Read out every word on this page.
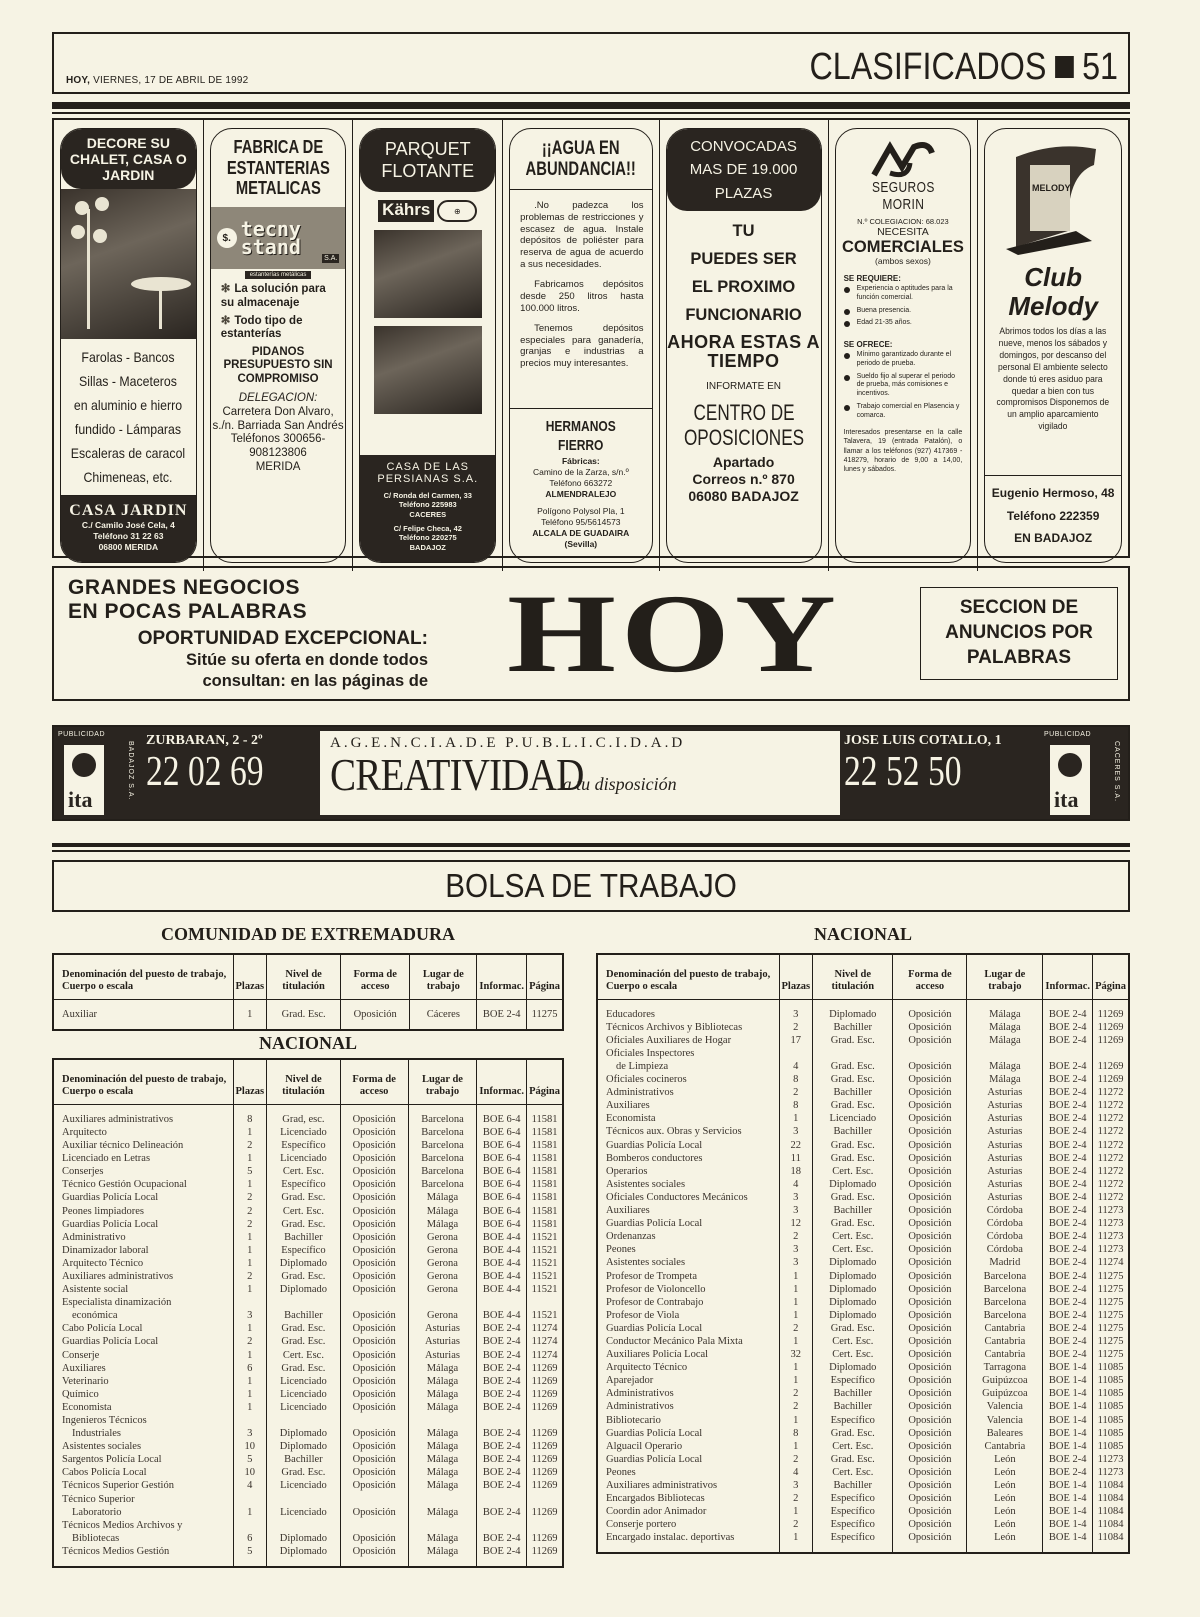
HOY, VIERNES, 17 DE ABRIL DE 1992	CLASIFICADOS 51
DECORE SU CHALET, CASA O JARDIN
Farolas - Bancos
Sillas - Maceteros
en aluminio e hierro
fundido - Lámparas
Escaleras de caracol
Chimeneas, etc.
CASA JARDIN
C./ Camilo José Cela, 4
Teléfono 31 22 63
06800 MERIDA
FABRICA DE ESTANTERIAS METALICAS
$. tecny
stand	S.A.
estanterías metálicas
✻ La solución para su almacenaje
✻ Todo tipo de estanterías
PIDANOS PRESUPUESTO SIN COMPROMISO
DELEGACION:
Carretera Don Alvaro, s./n. Barriada San Andrés
Teléfonos 300656- 908123806
MERIDA
PARQUET FLOTANTE
Kährs	⊕
CASA DE LAS PERSIANAS S.A.
C/ Ronda del Carmen, 33
Teléfono 225983
CACERES
C/ Felipe Checa, 42
Teléfono 220275
BADAJOZ
¡¡AGUA EN ABUNDANCIA!!

.No padezca los problemas de restricciones y escasez de agua. Instale depósitos de poliéster para reserva de agua de acuerdo a sus necesidades.

Fabricamos depósitos desde 250 litros hasta 100.000 litros.

Tenemos depósitos especiales para ganadería, granjas e industrias a precios muy interesantes.

HERMANOS FIERRO
Fábricas:
Camino de la Zarza, s/n.º
Teléfono 663272
ALMENDRALEJO
Polígono Polysol Pla, 1
Teléfono 95/5614573
ALCALA DE GUADAIRA
(Sevilla)
CONVOCADAS MAS DE 19.000 PLAZAS
TU
PUEDES SER
EL PROXIMO
FUNCIONARIO
AHORA ESTAS A TIEMPO
INFORMATE EN
CENTRO DE OPOSICIONES
Apartado
Correos n.º 870
06080 BADAJOZ
SEGUROS MORIN
N.º COLEGIACION: 68.023
NECESITA
COMERCIALES
(ambos sexos)
SE REQUIERE:
Experiencia o aptitudes para la función comercial.
Buena presencia.
Edad 21-35 años.
SE OFRECE:
Mínimo garantizado durante el periodo de prueba.
Sueldo fijo al superar el periodo de prueba, más comisiones e incentivos.
Trabajo comercial en Plasencia y comarca.
Interesados presentarse en la calle Talavera, 19 (entrada Patalón), o llamar a los teléfonos (927) 417369 - 418279, horario de 9,00 a 14,00, lunes y sábados.
MELODY
Club Melody
Abrimos todos los días a las nueve, menos los sábados y domingos, por descanso del personal El ambiente selecto donde tú eres asiduo para quedar a bien con tus compromisos Disponemos de un amplio aparcamiento vigilado
Eugenio Hermoso, 48
Teléfono 222359
EN BADAJOZ
GRANDES NEGOCIOS
EN POCAS PALABRAS
OPORTUNIDAD EXCEPCIONAL:
Sitúe su oferta en donde todos
consultan: en las páginas de HOY	SECCION DE ANUNCIOS POR PALABRAS
PUBLICIDAD
ita	BADAJOZ S.A.
ZURBARAN, 2 - 2º
22 02 69
A.G.E.N.C.I.A.D.E P.U.B.L.I.C.I.D.A.D
CREATIVIDAD a tu disposición
JOSE LUIS COTALLO, 1
22 52 50
PUBLICIDAD
ita	CACERES S.A.
BOLSA DE TRABAJO
COMUNIDAD DE EXTREMADURA
Denominación del puesto de trabajo, Cuerpo o escala	Plazas	Nivel de titulación	Forma de acceso	Lugar de trabajo	Informac.	Página
Auxiliar	1	Grad. Esc.	Oposición	Cáceres	BOE 2-4	11275
NACIONAL
Denominación del puesto de trabajo, Cuerpo o escala	Plazas	Nivel de titulación	Forma de acceso	Lugar de trabajo	Informac.	Página
Auxiliares administrativos	8	Grad, esc.	Oposición	Barcelona	BOE 6-4	11581
Arquitecto	1	Licenciado	Oposición	Barcelona	BOE 6-4	11581
Auxiliar técnico Delineación	2	Específico	Oposición	Barcelona	BOE 6-4	11581
Licenciado en Letras	1	Licenciado	Oposición	Barcelona	BOE 6-4	11581
Conserjes	5	Cert. Esc.	Oposición	Barcelona	BOE 6-4	11581
Técnico Gestión Ocupacional	1	Específico	Oposición	Barcelona	BOE 6-4	11581
Guardias Policía Local	2	Grad. Esc.	Oposición	Málaga	BOE 6-4	11581
Peones limpiadores	2	Cert. Esc.	Oposición	Málaga	BOE 6-4	11581
Guardias Policía Local	2	Grad. Esc.	Oposición	Málaga	BOE 6-4	11581
Administrativo	1	Bachiller	Oposición	Gerona	BOE 4-4	11521
Dinamizador laboral	1	Específico	Oposición	Gerona	BOE 4-4	11521
Arquitecto Técnico	1	Diplomado	Oposición	Gerona	BOE 4-4	11521
Auxiliares administrativos	2	Grad. Esc.	Oposición	Gerona	BOE 4-4	11521
Asistente social	1	Diplomado	Oposición	Gerona	BOE 4-4	11521
Especialista dinamización						
económica	3	Bachiller	Oposición	Gerona	BOE 4-4	11521
Cabo Policía Local	1	Grad. Esc.	Oposición	Asturias	BOE 2-4	11274
Guardias Policía Local	2	Grad. Esc.	Oposición	Asturias	BOE 2-4	11274
Conserje	1	Cert. Esc.	Oposición	Asturias	BOE 2-4	11274
Auxiliares	6	Grad. Esc.	Oposición	Málaga	BOE 2-4	11269
Veterinario	1	Licenciado	Oposición	Málaga	BOE 2-4	11269
Químico	1	Licenciado	Oposición	Málaga	BOE 2-4	11269
Economista	1	Licenciado	Oposición	Málaga	BOE 2-4	11269
Ingenieros Técnicos						
Industriales	3	Diplomado	Oposición	Málaga	BOE 2-4	11269
Asistentes sociales	10	Diplomado	Oposición	Málaga	BOE 2-4	11269
Sargentos Policía Local	5	Bachiller	Oposición	Málaga	BOE 2-4	11269
Cabos Policía Local	10	Grad. Esc.	Oposición	Málaga	BOE 2-4	11269
Técnicos Superior Gestión	4	Licenciado	Oposición	Málaga	BOE 2-4	11269
Técnico Superior						
Laboratorio	1	Licenciado	Oposición	Málaga	BOE 2-4	11269
Técnicos Medios Archivos y						
Bibliotecas	6	Diplomado	Oposición	Málaga	BOE 2-4	11269
Técnicos Medios Gestión	5	Diplomado	Oposición	Málaga	BOE 2-4	11269
NACIONAL
Denominación del puesto de trabajo, Cuerpo o escala	Plazas	Nivel de titulación	Forma de acceso	Lugar de trabajo	Informac.	Página
Educadores	3	Diplomado	Oposición	Málaga	BOE 2-4	11269
Técnicos Archivos y Bibliotecas	2	Bachiller	Oposición	Málaga	BOE 2-4	11269
Oficiales Auxiliares de Hogar	17	Grad. Esc.	Oposición	Málaga	BOE 2-4	11269
Oficiales Inspectores						
de Limpieza	4	Grad. Esc.	Oposición	Málaga	BOE 2-4	11269
Oficiales cocineros	8	Grad. Esc.	Oposición	Málaga	BOE 2-4	11269
Administrativos	2	Bachiller	Oposición	Asturias	BOE 2-4	11272
Auxiliares	8	Grad. Esc.	Oposición	Asturias	BOE 2-4	11272
Economista	1	Licenciado	Oposición	Asturias	BOE 2-4	11272
Técnicos aux. Obras y Servicios	3	Bachiller	Oposición	Asturias	BOE 2-4	11272
Guardias Policía Local	22	Grad. Esc.	Oposición	Asturias	BOE 2-4	11272
Bomberos conductores	11	Grad. Esc.	Oposición	Asturias	BOE 2-4	11272
Operarios	18	Cert. Esc.	Oposición	Asturias	BOE 2-4	11272
Asistentes sociales	4	Diplomado	Oposición	Asturias	BOE 2-4	11272
Oficiales Conductores Mecánicos	3	Grad. Esc.	Oposición	Asturias	BOE 2-4	11272
Auxiliares	3	Bachiller	Oposición	Córdoba	BOE 2-4	11273
Guardias Policía Local	12	Grad. Esc.	Oposición	Córdoba	BOE 2-4	11273
Ordenanzas	2	Cert. Esc.	Oposición	Córdoba	BOE 2-4	11273
Peones	3	Cert. Esc.	Oposición	Córdoba	BOE 2-4	11273
Asistentes sociales	3	Diplomado	Oposición	Madrid	BOE 2-4	11274
Profesor de Trompeta	1	Diplomado	Oposición	Barcelona	BOE 2-4	11275
Profesor de Violoncello	1	Diplomado	Oposición	Barcelona	BOE 2-4	11275
Profesor de Contrabajo	1	Diplomado	Oposición	Barcelona	BOE 2-4	11275
Profesor de Viola	1	Diplomado	Oposición	Barcelona	BOE 2-4	11275
Guardias Policía Local	2	Grad. Esc.	Oposición	Cantabria	BOE 2-4	11275
Conductor Mecánico Pala Mixta	1	Cert. Esc.	Oposición	Cantabria	BOE 2-4	11275
Auxiliares Policía Local	32	Cert. Esc.	Oposición	Cantabria	BOE 2-4	11275
Arquitecto Técnico	1	Diplomado	Oposición	Tarragona	BOE 1-4	11085
Aparejador	1	Específico	Oposición	Guipúzcoa	BOE 1-4	11085
Administrativos	2	Bachiller	Oposición	Guipúzcoa	BOE 1-4	11085
Administrativos	2	Bachiller	Oposición	Valencia	BOE 1-4	11085
Bibliotecario	1	Específico	Oposición	Valencia	BOE 1-4	11085
Guardias Policía Local	8	Grad. Esc.	Oposición	Baleares	BOE 1-4	11085
Alguacil Operario	1	Cert. Esc.	Oposición	Cantabria	BOE 1-4	11085
Guardias Policía Local	2	Grad. Esc.	Oposición	León	BOE 2-4	11273
Peones	4	Cert. Esc.	Oposición	León	BOE 2-4	11273
Auxiliares administrativos	3	Bachiller	Oposición	León	BOE 1-4	11084
Encargados Bibliotecas	2	Específico	Oposición	León	BOE 1-4	11084
Coordin ador Animador	1	Específico	Oposición	León	BOE 1-4	11084
Conserje portero	2	Específico	Oposición	León	BOE 1-4	11084
Encargado instalac. deportivas	1	Específico	Oposición	León	BOE 1-4	11084
